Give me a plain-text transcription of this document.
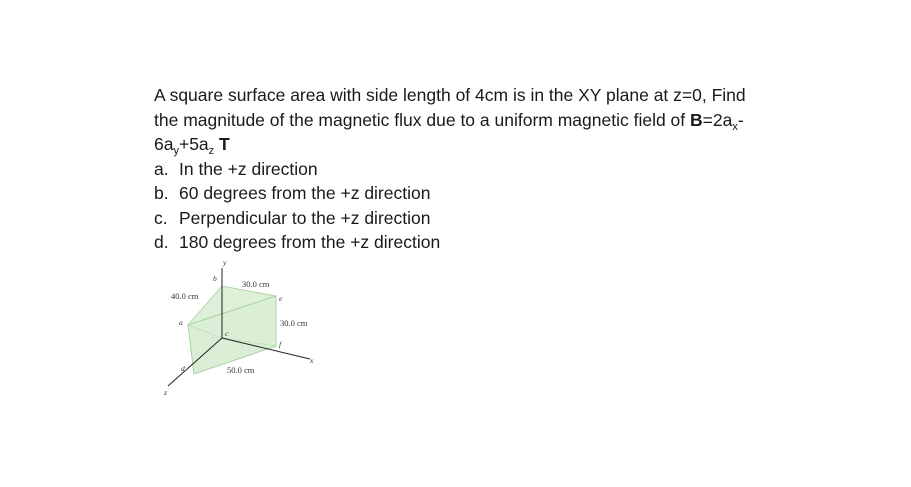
A square surface area with side length of 4cm is in the XY plane at z=0, Find
the magnitude of the magnetic flux due to a uniform magnetic field of $B=2a_x-$
$6a_y+5a_z$ T
a. In the +z direction
b. 60 degrees from the +z direction
c. Perpendicular to the +z direction
d. 180 degrees from the +z direction
30.0 cm
40.0 cm
30.0 cm
50.0 cm
y
x
z
a
b
c
d
e
f
